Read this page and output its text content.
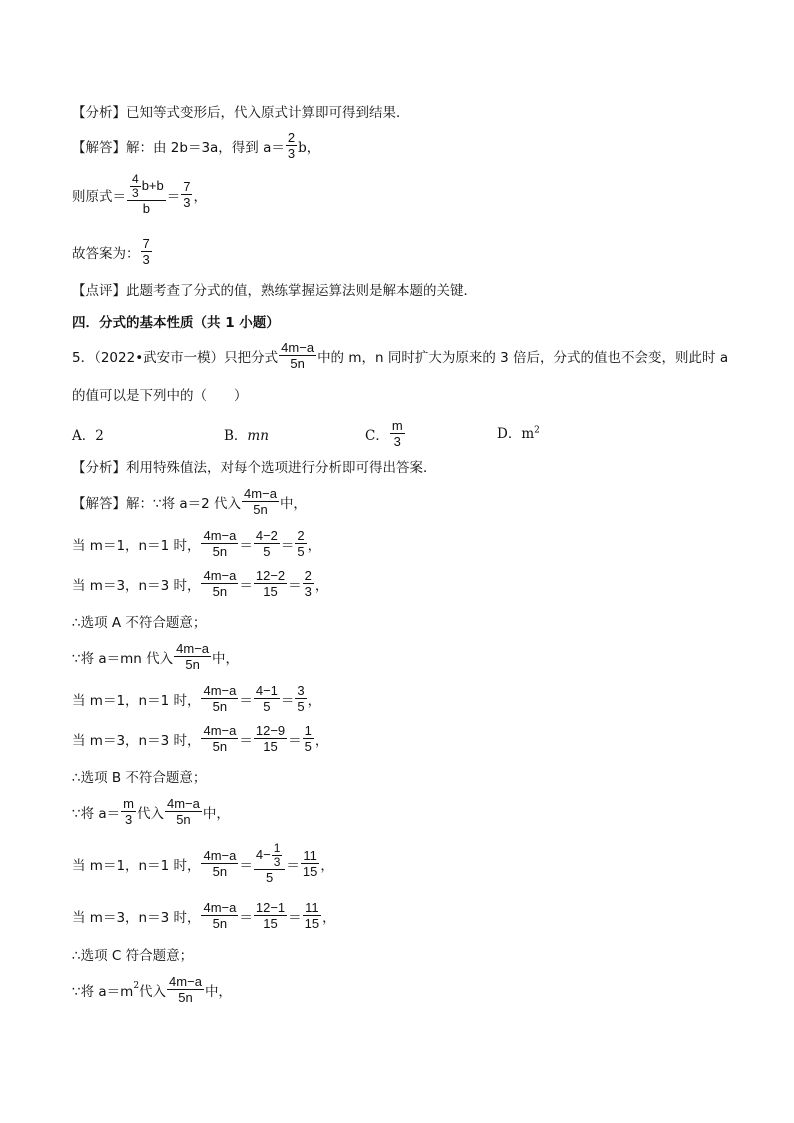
【分析】已知等式变形后，代入原式计算即可得到结果．
【解答】解：由 2b＝3a，得到 a＝
2
3 b，
则原式＝ $\frac{4}{3} b+b$
b
＝
7
3 ，
故答案为：
7
3
【点评】此题考查了分式的值，熟练掌握运算法则是解本题的关键．
四．分式的基本性质（共 1 小题）
5．（2022•武安市一模）只把分式
4m−a
5n 中的 m，n 同时扩大为原来的 3 倍后，分式的值也不会变，则此时 a
的值可以是下列中的（　　）
A．2	B．mn	C．
m
3	D．$m^2$
【分析】利用特殊值法，对每个选项进行分析即可得出答案．
【解答】解：∵将 a＝2 代入
4m−a
5n 中，
当 m＝1，n＝1 时，
4m−a
5n ＝
4−2
5 ＝
2
5 ，
当 m＝3，n＝3 时，
4m−a
5n ＝
12−2
15 ＝
2
3 ，
∴选项 A 不符合题意；
∵将 a＝mn 代入
4m−a
5n 中，
当 m＝1，n＝1 时，
4m−a
5n ＝
4−1
5 ＝
3
5 ，
当 m＝3，n＝3 时，
4m−a
5n ＝
12−9
15 ＝
1
5 ，
∴选项 B 不符合题意；
∵将 a＝
m
3 代入
4m−a
5n 中，
当 m＝1，n＝1 时，
4m−a
5n ＝
$4- \frac{1}{3}$
5
＝
11
15 ，
当 m＝3，n＝3 时，
4m−a
5n ＝
12−1
15 ＝
11
15 ，
∴选项 C 符合题意；
∵将 $a=m^2$ 代入
4m−a
5n 中，
